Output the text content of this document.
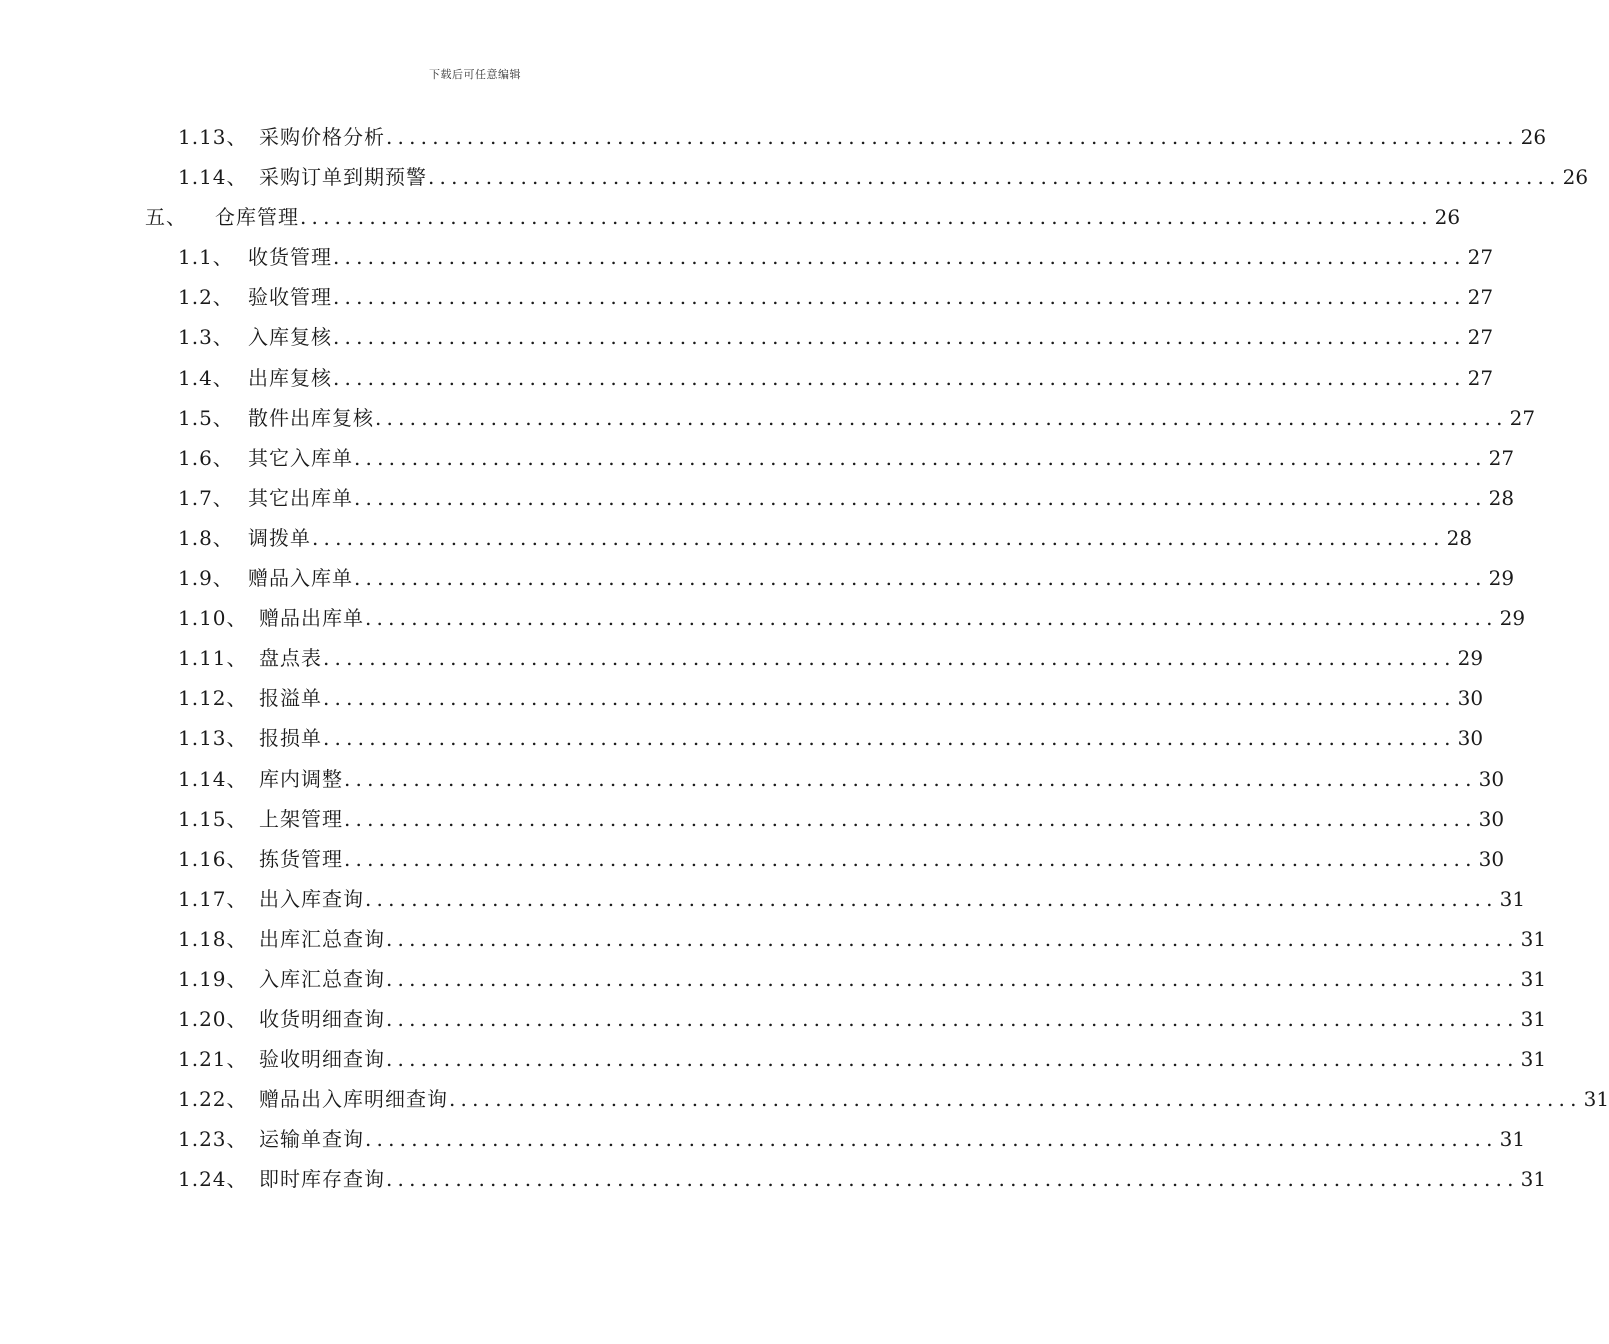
下载后可任意编辑
1.13、 采购价格分析 .................................................................................................. 26
1.14、 采购订单到期预警 .................................................................................................. 26
五、	仓库管理 .................................................................................................. 26
1.1、 收货管理 .................................................................................................. 27
1.2、 验收管理 .................................................................................................. 27
1.3、 入库复核 .................................................................................................. 27
1.4、 出库复核 .................................................................................................. 27
1.5、 散件出库复核 .................................................................................................. 27
1.6、 其它入库单 .................................................................................................. 27
1.7、 其它出库单 .................................................................................................. 28
1.8、 调拨单 .................................................................................................. 28
1.9、 赠品入库单 .................................................................................................. 29
1.10、 赠品出库单 .................................................................................................. 29
1.11、 盘点表 .................................................................................................. 29
1.12、 报溢单 .................................................................................................. 30
1.13、 报损单 .................................................................................................. 30
1.14、 库内调整 .................................................................................................. 30
1.15、 上架管理 .................................................................................................. 30
1.16、 拣货管理 .................................................................................................. 30
1.17、 出入库查询 .................................................................................................. 31
1.18、 出库汇总查询 .................................................................................................. 31
1.19、 入库汇总查询 .................................................................................................. 31
1.20、 收货明细查询 .................................................................................................. 31
1.21、 验收明细查询 .................................................................................................. 31
1.22、 赠品出入库明细查询 .................................................................................................. 31
1.23、 运输单查询 .................................................................................................. 31
1.24、 即时库存查询 .................................................................................................. 31
